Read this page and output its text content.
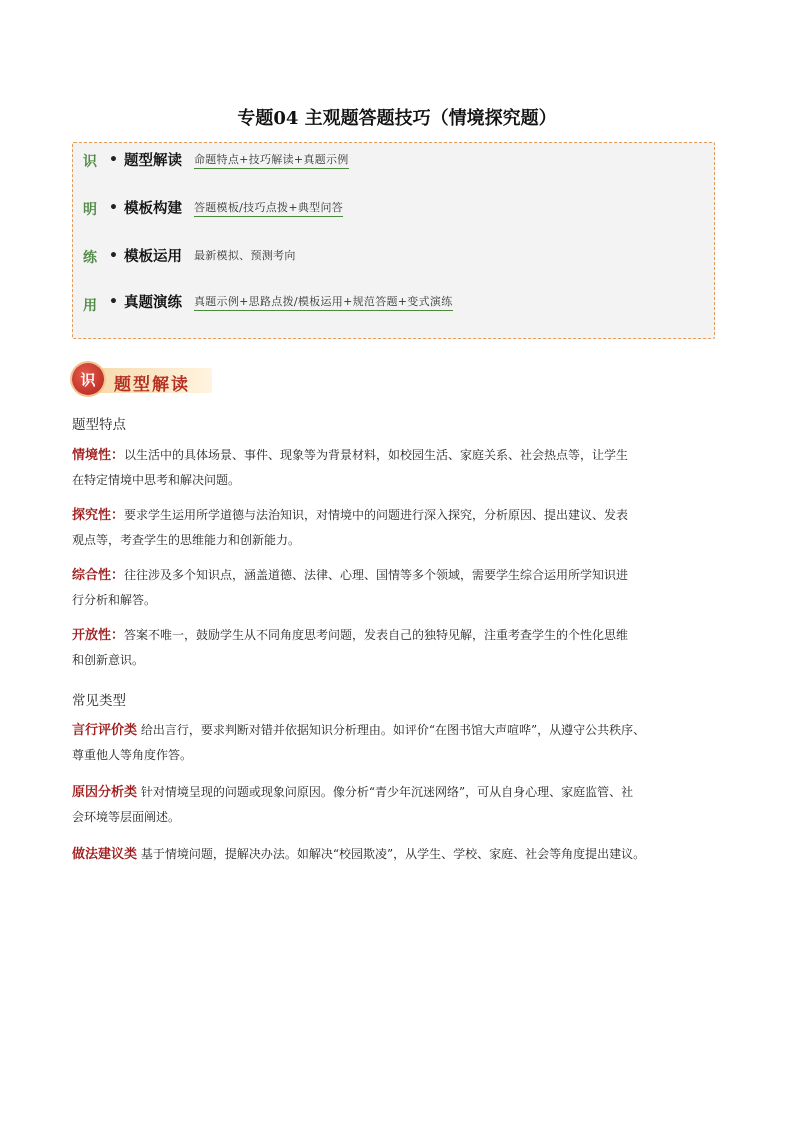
专题04 主观题答题技巧（情境探究题）
识
明
练
用
• 题型解读 命题特点+技巧解读+真题示例
• 模板构建 答题模板/技巧点拨+典型问答
• 模板运用 最新模拟、预测考向
• 真题演练 真题示例+思路点拨/模板运用+规范答题+变式演练
识	题型解读
题型特点
情境性：以生活中的具体场景、事件、现象等为背景材料，如校园生活、家庭关系、社会热点等，让学生
在特定情境中思考和解决问题。
探究性：要求学生运用所学道德与法治知识，对情境中的问题进行深入探究，分析原因、提出建议、发表
观点等，考查学生的思维能力和创新能力。
综合性：往往涉及多个知识点，涵盖道德、法律、心理、国情等多个领域，需要学生综合运用所学知识进
行分析和解答。
开放性：答案不唯一，鼓励学生从不同角度思考问题，发表自己的独特见解，注重考查学生的个性化思维
和创新意识。
常见类型
言行评价类 给出言行，要求判断对错并依据知识分析理由。如评价“在图书馆大声喧哗”，从遵守公共秩序、
尊重他人等角度作答。
原因分析类 针对情境呈现的问题或现象问原因。像分析“青少年沉迷网络”，可从自身心理、家庭监管、社
会环境等层面阐述。
做法建议类 基于情境问题，提解决办法。如解决“校园欺凌”，从学生、学校、家庭、社会等角度提出建议。
